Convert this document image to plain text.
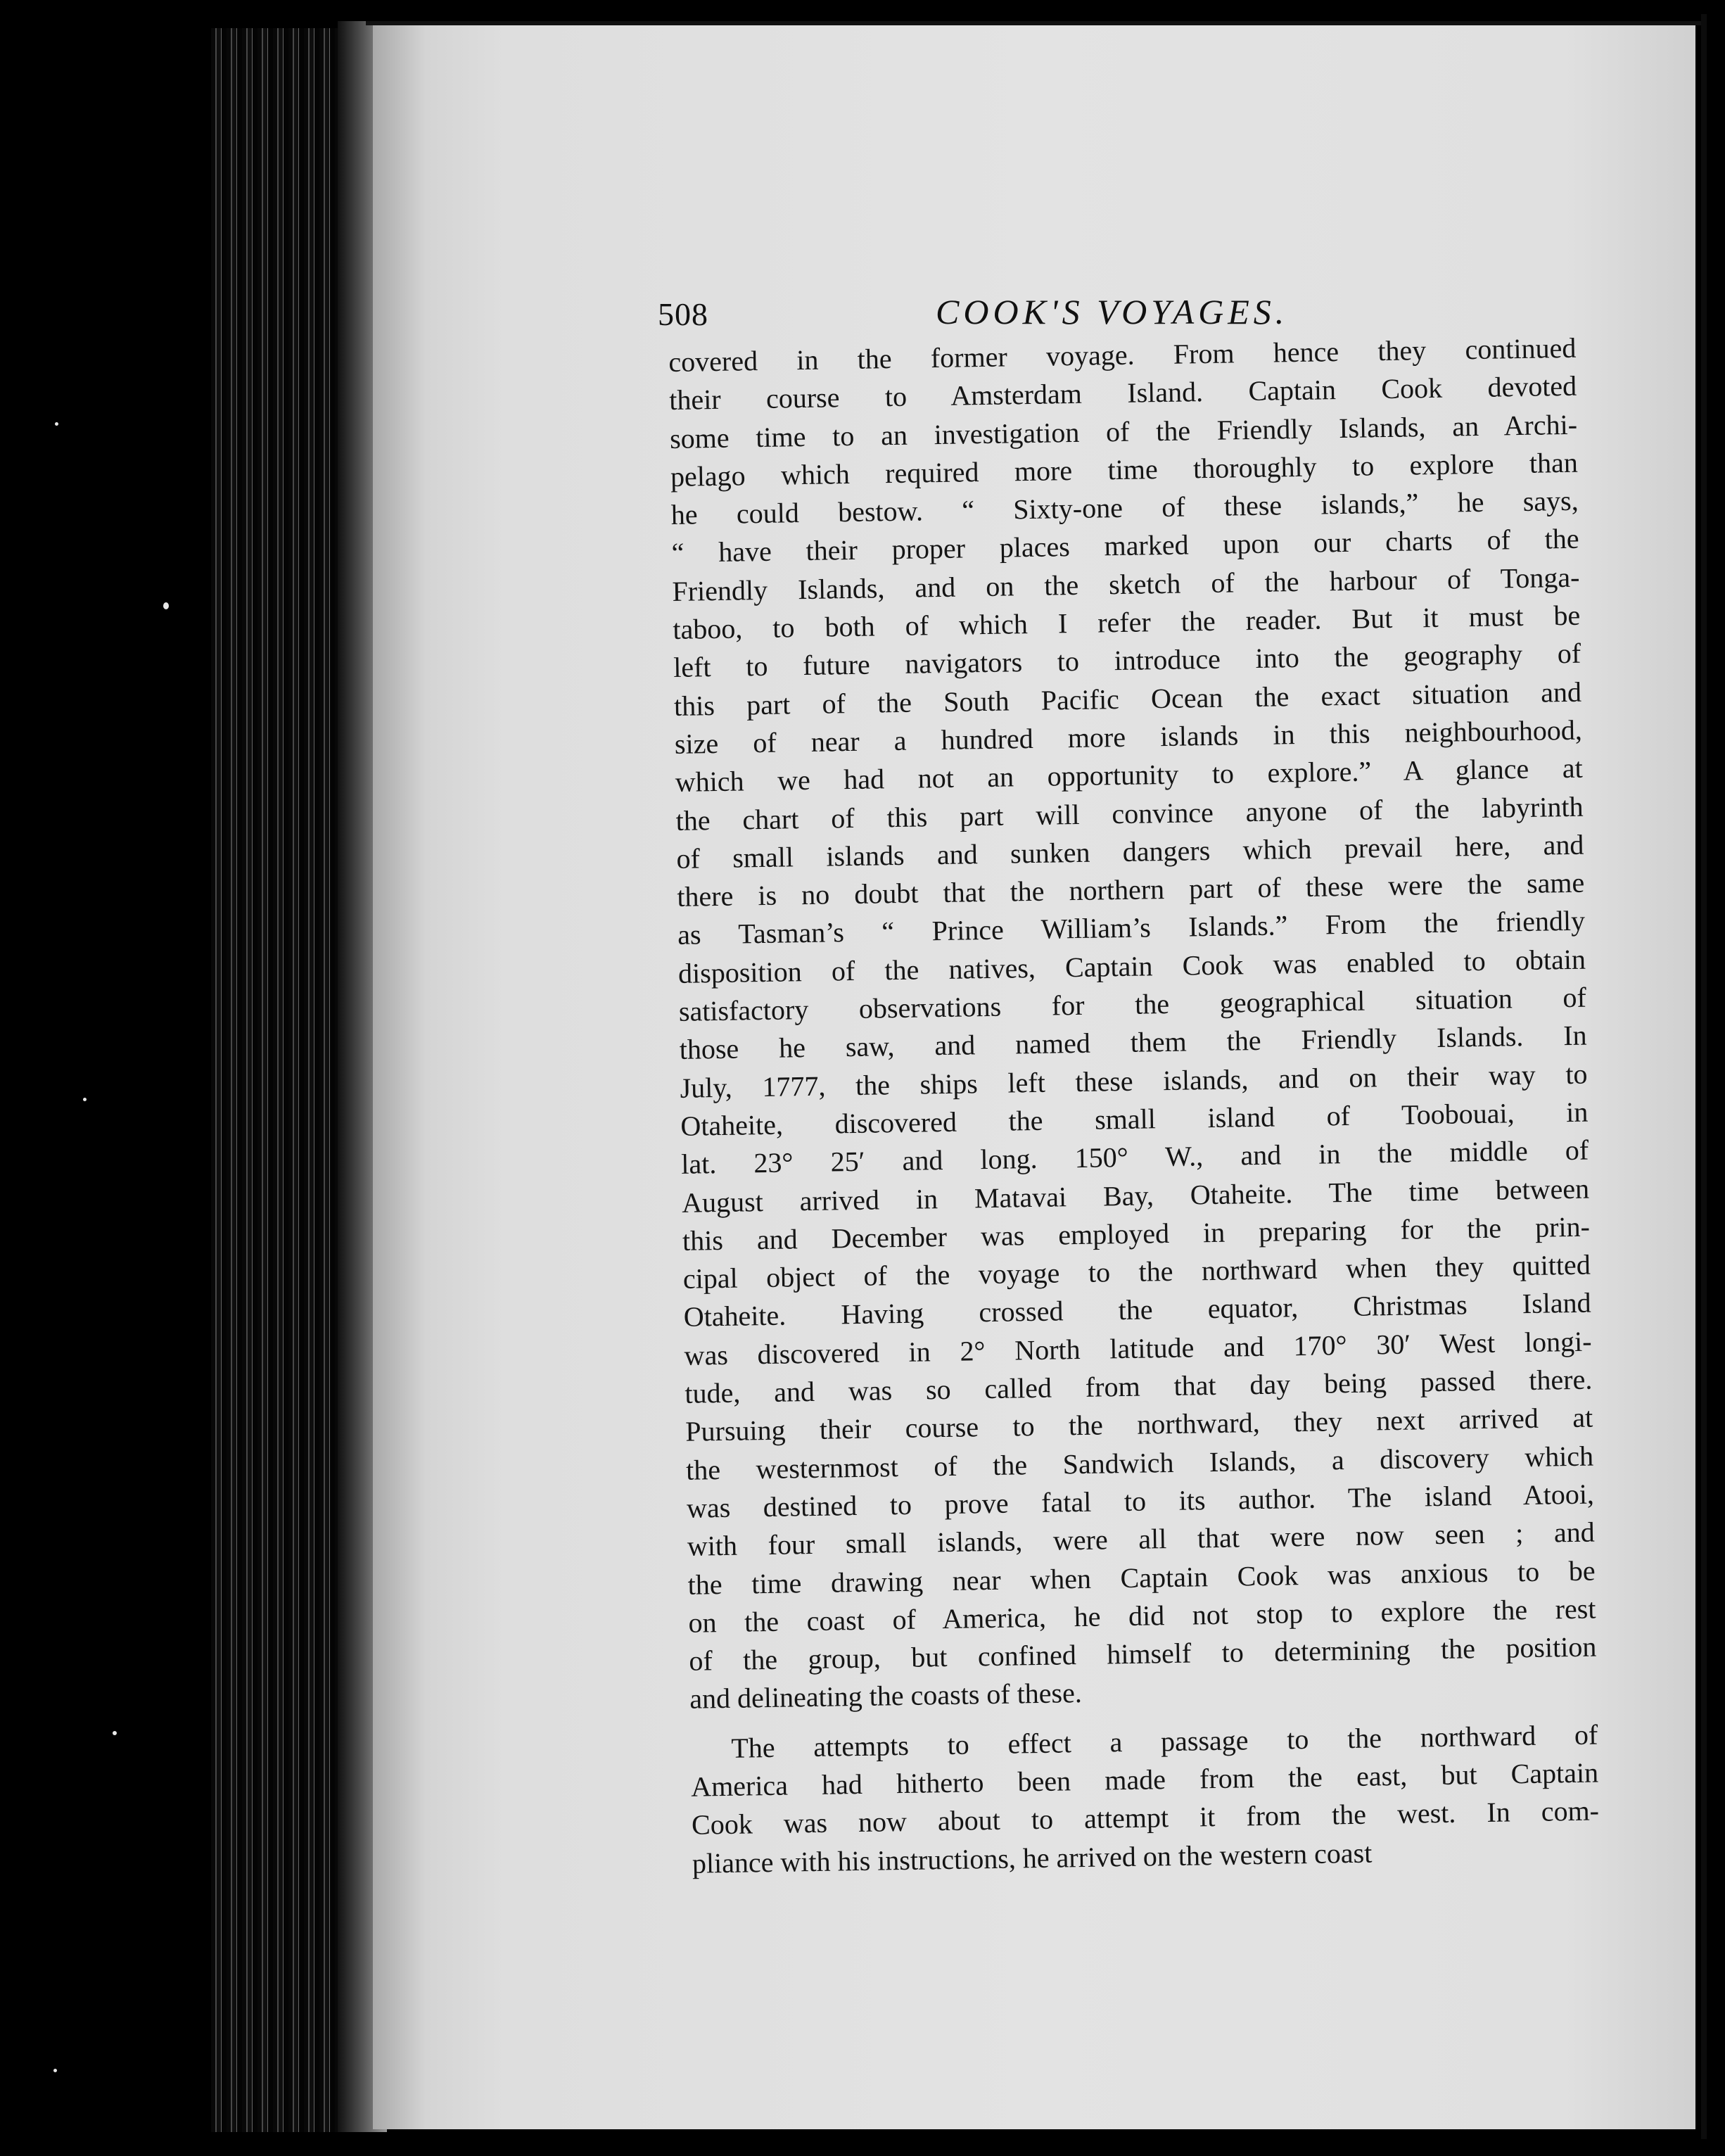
508	COOK'S VOYAGES.
covered in the former voyage. From hence they continued
their course to Amsterdam Island. Captain Cook devoted
some time to an investigation of the Friendly Islands, an Archi-
pelago which required more time thoroughly to explore than
he could bestow. “ Sixty-one of these islands,” he says,
“ have their proper places marked upon our charts of the
Friendly Islands, and on the sketch of the harbour of Tonga-
taboo, to both of which I refer the reader. But it must be
left to future navigators to introduce into the geography of
this part of the South Pacific Ocean the exact situation and
size of near a hundred more islands in this neighbourhood,
which we had not an opportunity to explore.” A glance at
the chart of this part will convince anyone of the labyrinth
of small islands and sunken dangers which prevail here, and
there is no doubt that the northern part of these were the same
as Tasman’s “ Prince William’s Islands.” From the friendly
disposition of the natives, Captain Cook was enabled to obtain
satisfactory observations for the geographical situation of
those he saw, and named them the Friendly Islands. In
July, 1777, the ships left these islands, and on their way to
Otaheite, discovered the small island of Toobouai, in
lat. 23° 25′ and long. 150° W., and in the middle of
August arrived in Matavai Bay, Otaheite. The time between
this and December was employed in preparing for the prin-
cipal object of the voyage to the northward when they quitted
Otaheite. Having crossed the equator, Christmas Island
was discovered in 2° North latitude and 170° 30′ West longi-
tude, and was so called from that day being passed there.
Pursuing their course to the northward, they next arrived at
the westernmost of the Sandwich Islands, a discovery which
was destined to prove fatal to its author. The island Atooi,
with four small islands, were all that were now seen ; and
the time drawing near when Captain Cook was anxious to be
on the coast of America, he did not stop to explore the rest
of the group, but confined himself to determining the position
and delineating the coasts of these.
The attempts to effect a passage to the northward of
America had hitherto been made from the east, but Captain
Cook was now about to attempt it from the west. In com-
pliance with his instructions, he arrived on the western coast
